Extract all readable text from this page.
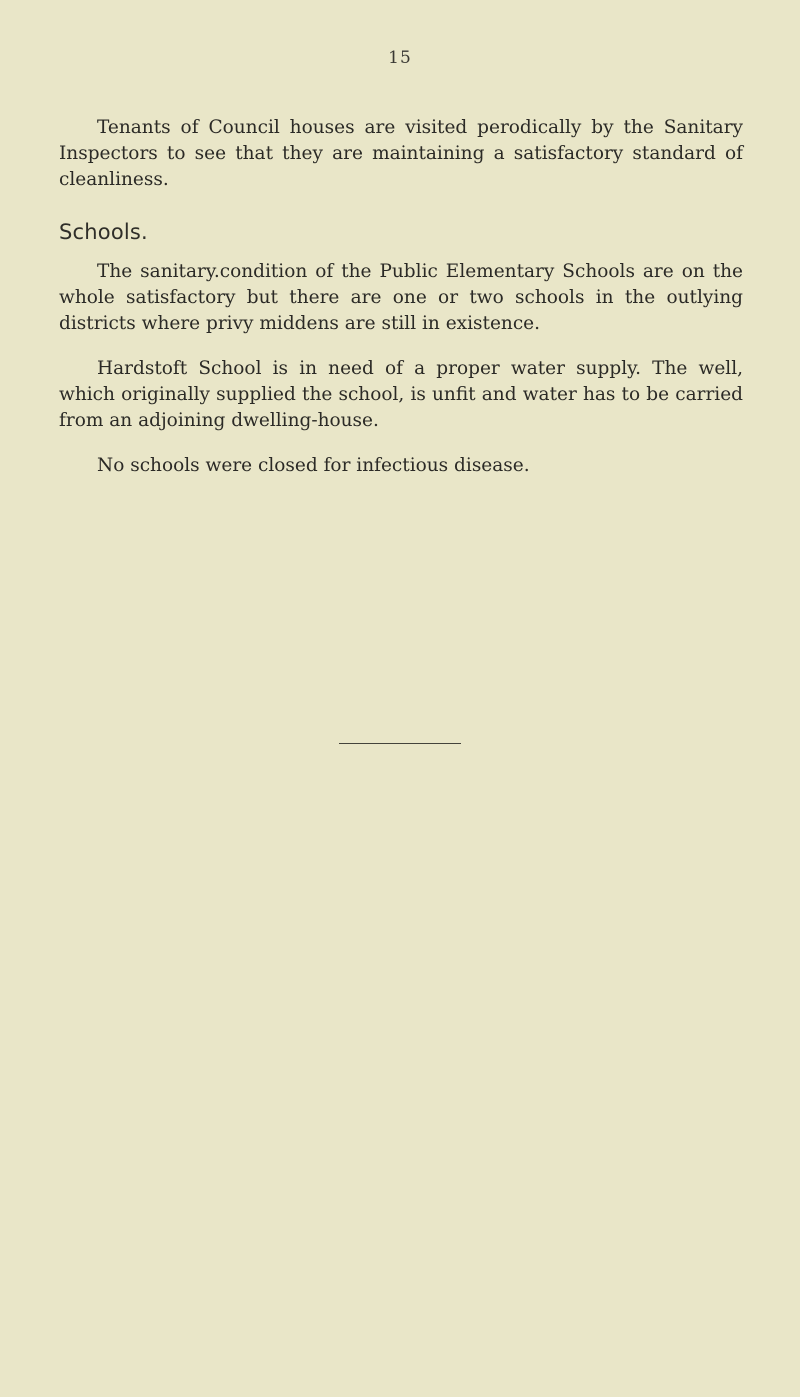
15

Tenants of Council houses are visited perodically by the Sanitary Inspectors to see that they are maintaining a satisfactory standard of cleanliness.

Schools.

The sanitary.condition of the Public Elementary Schools are on the whole satisfactory but there are one or two schools in the outlying districts where privy middens are still in existence.

Hardstoft School is in need of a proper water supply. The well, which originally supplied the school, is unfit and water has to be carried from an adjoining dwelling-house.

No schools were closed for infectious disease.
